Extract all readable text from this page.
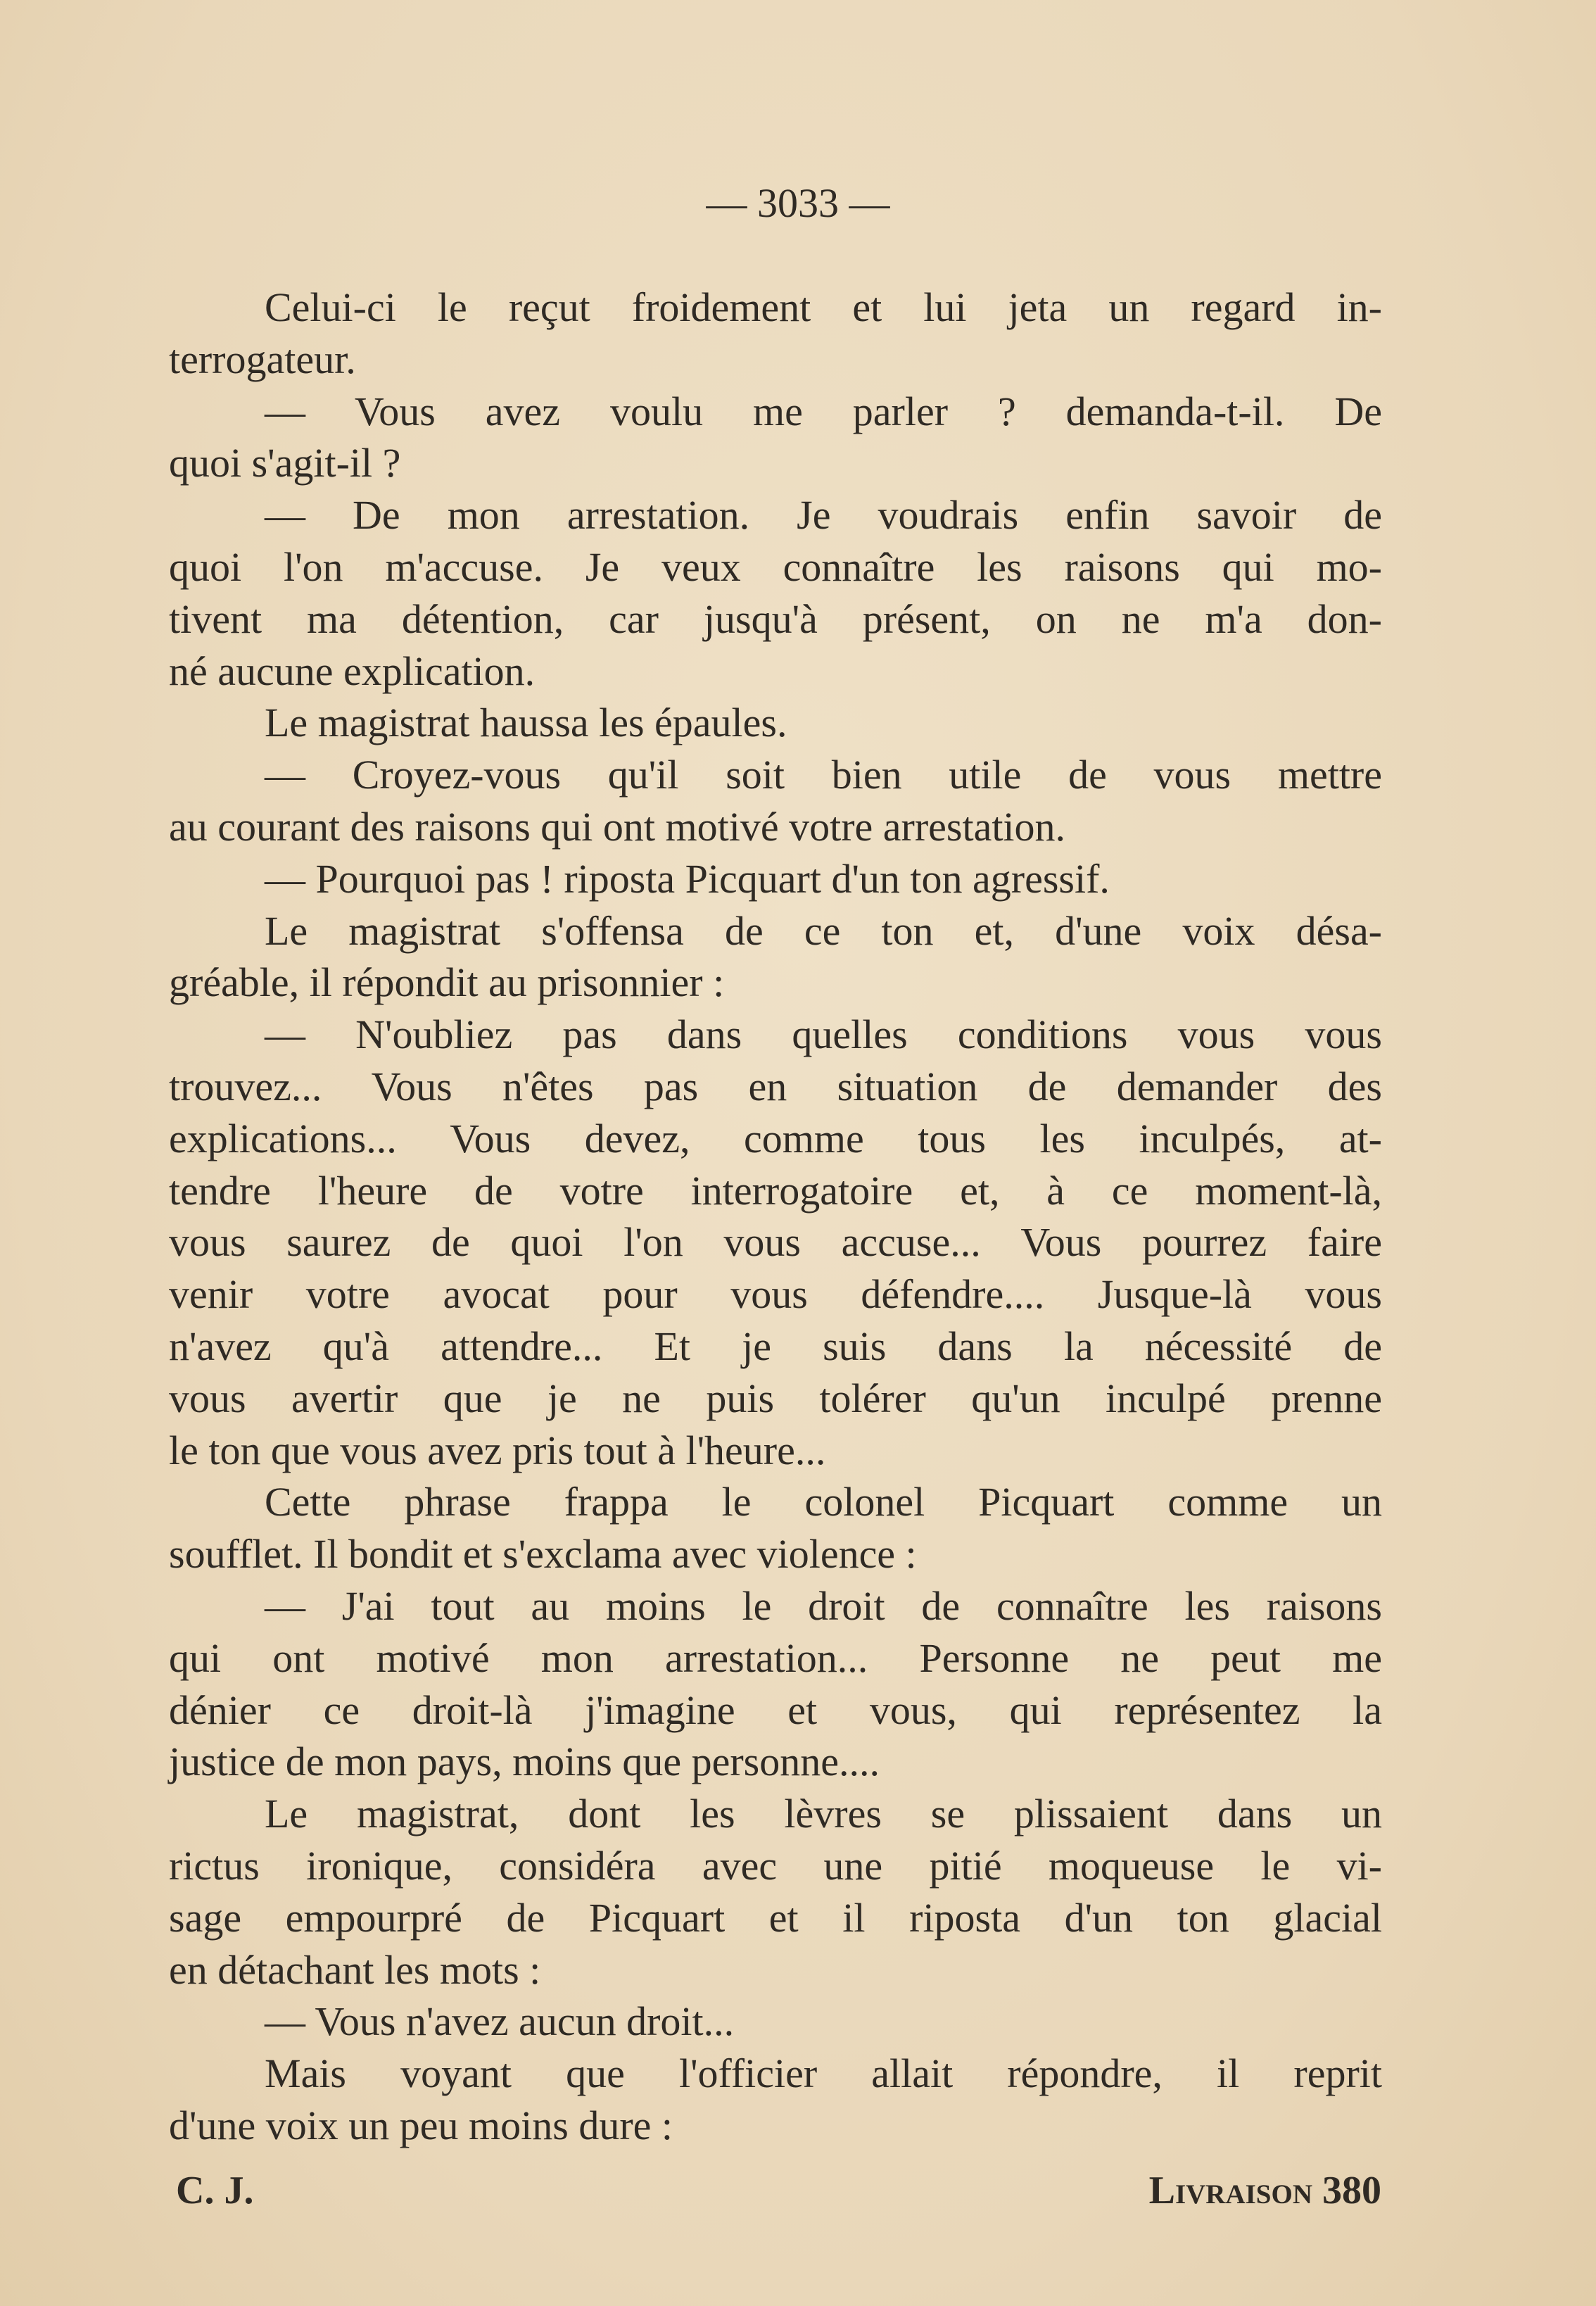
— 3033 —
Celui-ci le reçut froidement et lui jeta un regard in-
terrogateur.
— Vous avez voulu me parler ? demanda-t-il. De
quoi s'agit-il ?
— De mon arrestation. Je voudrais enfin savoir de
quoi l'on m'accuse. Je veux connaître les raisons qui mo-
tivent ma détention, car jusqu'à présent, on ne m'a don-
né aucune explication.
Le magistrat haussa les épaules.
— Croyez-vous qu'il soit bien utile de vous mettre
au courant des raisons qui ont motivé votre arrestation.
— Pourquoi pas ! riposta Picquart d'un ton agressif.
Le magistrat s'offensa de ce ton et, d'une voix désa-
gréable, il répondit au prisonnier :
— N'oubliez pas dans quelles conditions vous vous
trouvez... Vous n'êtes pas en situation de demander des
explications... Vous devez, comme tous les inculpés, at-
tendre l'heure de votre interrogatoire et, à ce moment-là,
vous saurez de quoi l'on vous accuse... Vous pourrez faire
venir votre avocat pour vous défendre.... Jusque-là vous
n'avez qu'à attendre... Et je suis dans la nécessité de
vous avertir que je ne puis tolérer qu'un inculpé prenne
le ton que vous avez pris tout à l'heure...
Cette phrase frappa le colonel Picquart comme un
soufflet. Il bondit et s'exclama avec violence :
— J'ai tout au moins le droit de connaître les raisons
qui ont motivé mon arrestation... Personne ne peut me
dénier ce droit-là j'imagine et vous, qui représentez la
justice de mon pays, moins que personne....
Le magistrat, dont les lèvres se plissaient dans un
rictus ironique, considéra avec une pitié moqueuse le vi-
sage empourpré de Picquart et il riposta d'un ton glacial
en détachant les mots :
— Vous n'avez aucun droit...
Mais voyant que l'officier allait répondre, il reprit
d'une voix un peu moins dure :
C. J.	Livraison 380
